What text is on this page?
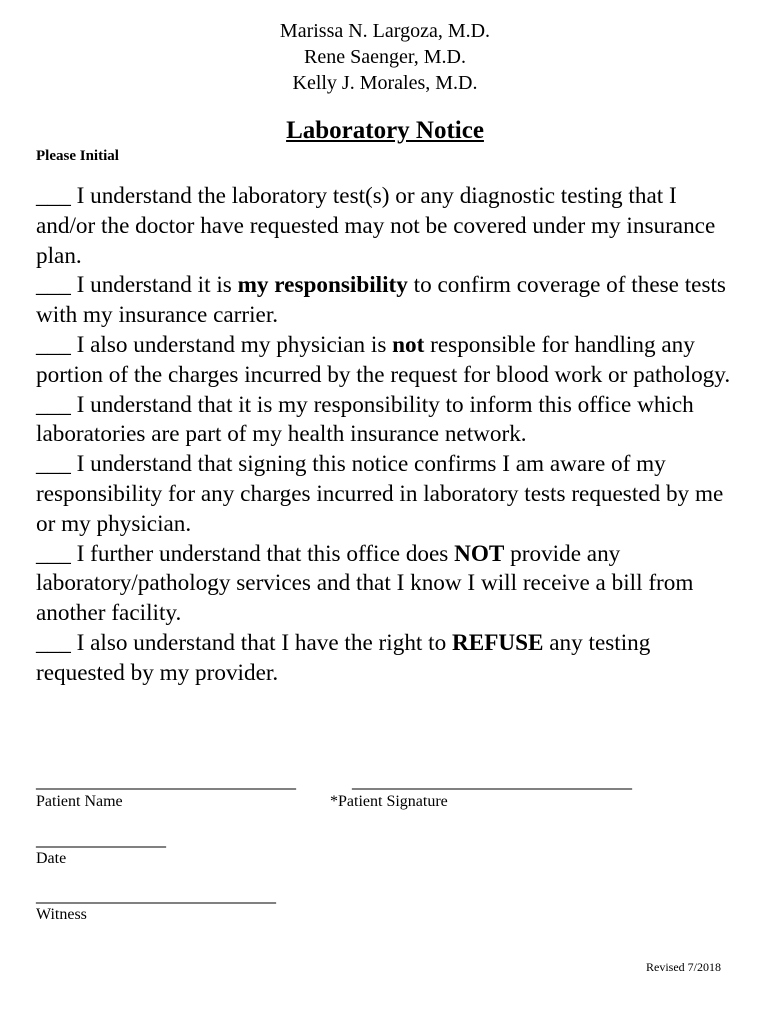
Marissa N. Largoza, M.D.
Rene Saenger, M.D.
Kelly J. Morales, M.D.
Laboratory Notice
Please Initial

___ I understand the laboratory test(s) or any diagnostic testing that I and/or the doctor have requested may not be covered under my insurance plan.

___ I understand it is my responsibility to confirm coverage of these tests with my insurance carrier.

___ I also understand my physician is not responsible for handling any portion of the charges incurred by the request for blood work or pathology.

___ I understand that it is my responsibility to inform this office which laboratories are part of my health insurance network.

___ I understand that signing this notice confirms I am aware of my responsibility for any charges incurred in laboratory tests requested by me or my physician.

___ I further understand that this office does NOT provide any laboratory/pathology services and that I know I will receive a bill from another facility.

___ I also understand that I have the right to REFUSE any testing requested by my provider.

__________________________
Patient Name
____________________________
*Patient Signature
_____________
Date
________________________
Witness
Revised 7/2018
